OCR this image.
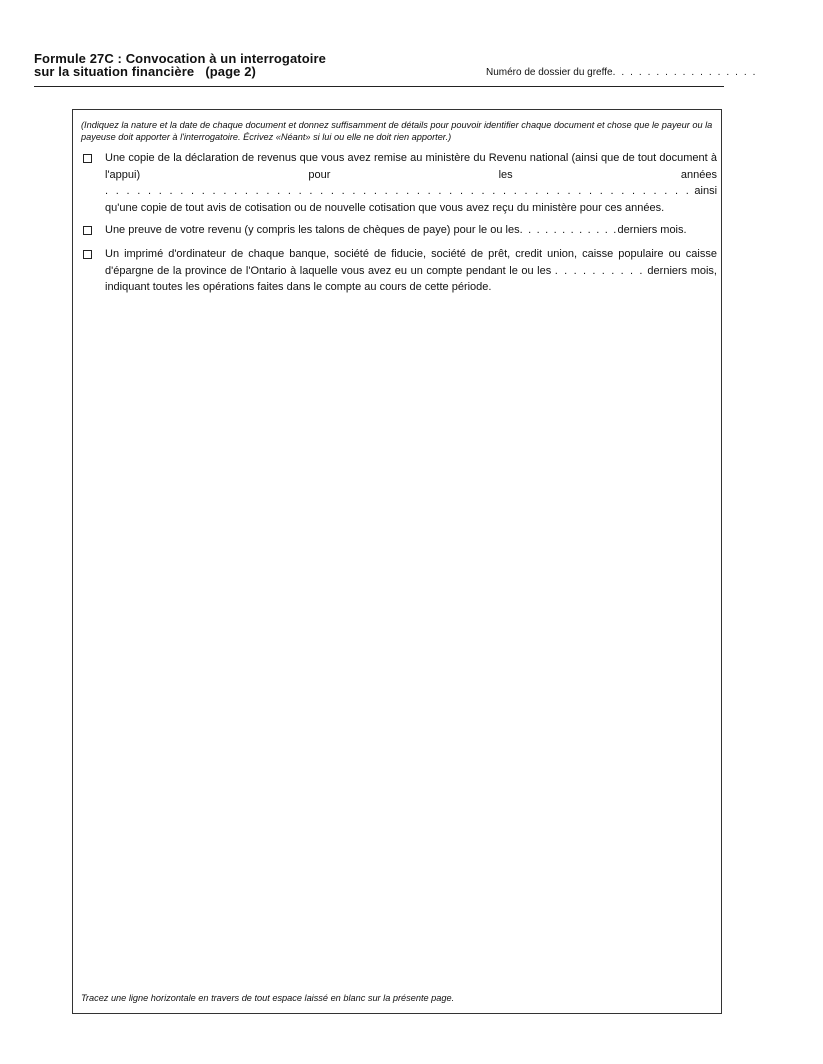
Formule 27C : Convocation à un interrogatoire
sur la situation financière   (page 2)	Numéro de dossier du greffe. . . . . . . . . . . . . . . . .
(Indiquez la nature et la date de chaque document et donnez suffisamment de détails pour pouvoir identifier chaque document et chose que le payeur ou la payeuse doit apporter à l'interrogatoire. Écrivez «Néant» si lui ou elle ne doit rien apporter.)
Une copie de la déclaration de revenus que vous avez remise au ministère du Revenu national (ainsi que de tout document à l'appui) pour les années . . . . . . . . . . . . . . . . . . . . . . . . . . . . . . . . . . . . . . . . . . . . . . . . . . . . . . . ainsi qu'une copie de tout avis de cotisation ou de nouvelle cotisation que vous avez reçu du ministère pour ces années.
Une preuve de votre revenu (y compris les talons de chèques de paye) pour le ou les. . . . . . . . . . . .derniers mois.
Un imprimé d'ordinateur de chaque banque, société de fiducie, société de prêt, credit union, caisse populaire ou caisse d'épargne de la province de l'Ontario à laquelle vous avez eu un compte pendant le ou les . . . . . . . . . . derniers mois, indiquant toutes les opérations faites dans le compte au cours de cette période.
Tracez une ligne horizontale en travers de tout espace laissé en blanc sur la présente page.
